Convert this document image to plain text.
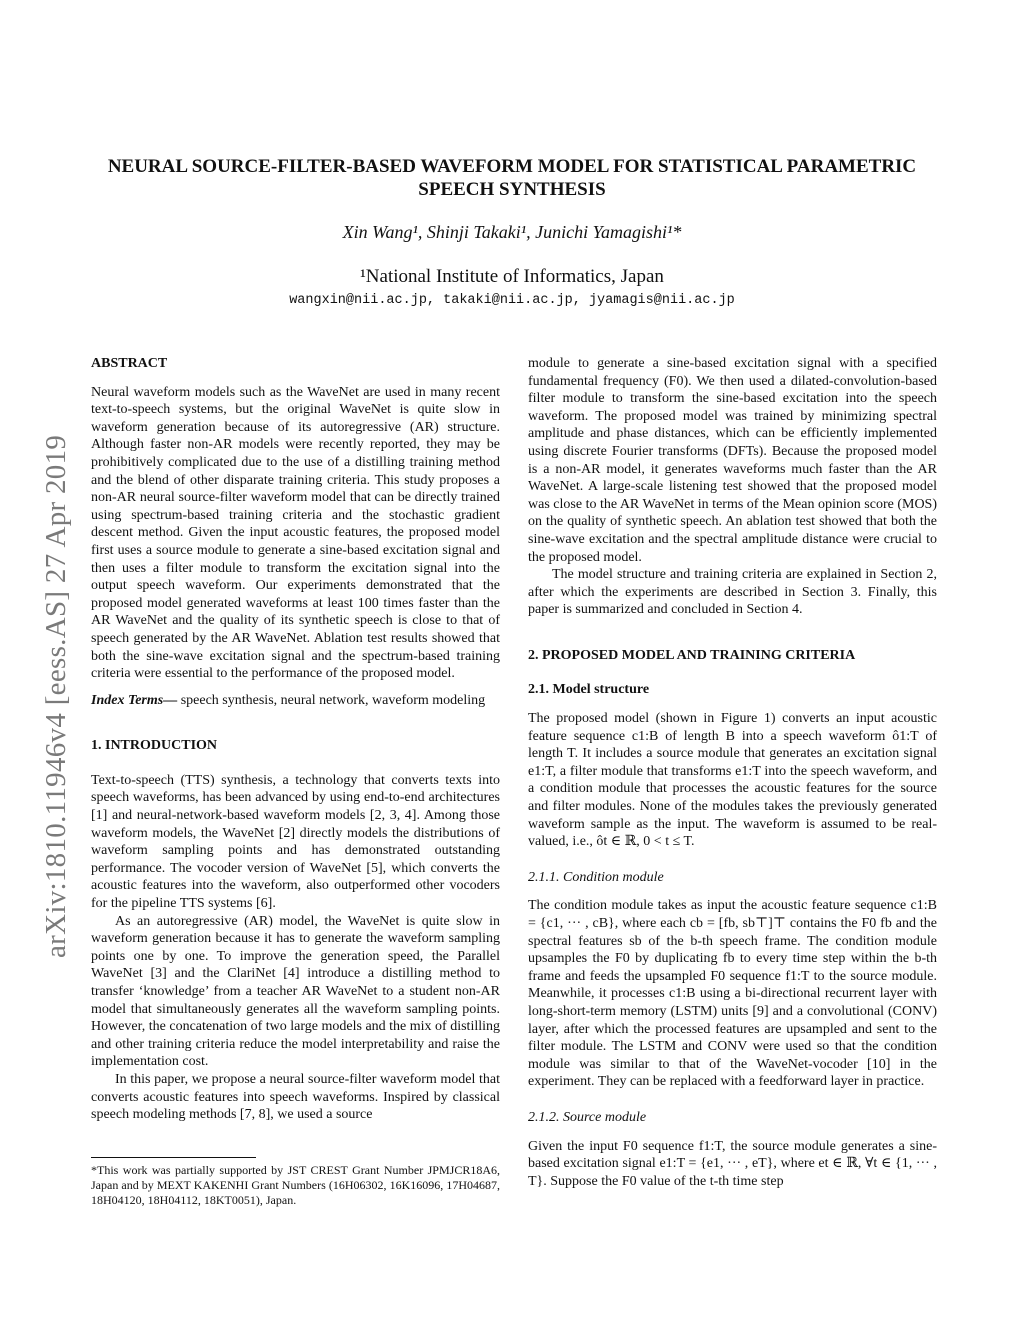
arXiv:1810.11946v4 [eess.AS] 27 Apr 2019
NEURAL SOURCE-FILTER-BASED WAVEFORM MODEL FOR STATISTICAL PARAMETRIC SPEECH SYNTHESIS
Xin Wang¹, Shinji Takaki¹, Junichi Yamagishi¹*
¹National Institute of Informatics, Japan
wangxin@nii.ac.jp, takaki@nii.ac.jp, jyamagis@nii.ac.jp

ABSTRACT

Neural waveform models such as the WaveNet are used in many recent text-to-speech systems, but the original WaveNet is quite slow in waveform generation because of its autoregressive (AR) structure. Although faster non-AR models were recently reported, they may be prohibitively complicated due to the use of a distilling training method and the blend of other disparate training criteria. This study proposes a non-AR neural source-filter waveform model that can be directly trained using spectrum-based training criteria and the stochastic gradient descent method. Given the input acoustic features, the proposed model first uses a source module to generate a sine-based excitation signal and then uses a filter module to transform the excitation signal into the output speech waveform. Our experiments demonstrated that the proposed model generated waveforms at least 100 times faster than the AR WaveNet and the quality of its synthetic speech is close to that of speech generated by the AR WaveNet. Ablation test results showed that both the sine-wave excitation signal and the spectrum-based training criteria were essential to the performance of the proposed model.

Index Terms— speech synthesis, neural network, waveform modeling

1. INTRODUCTION

Text-to-speech (TTS) synthesis, a technology that converts texts into speech waveforms, has been advanced by using end-to-end architectures [1] and neural-network-based waveform models [2, 3, 4]. Among those waveform models, the WaveNet [2] directly models the distributions of waveform sampling points and has demonstrated outstanding performance. The vocoder version of WaveNet [5], which converts the acoustic features into the waveform, also outperformed other vocoders for the pipeline TTS systems [6].

As an autoregressive (AR) model, the WaveNet is quite slow in waveform generation because it has to generate the waveform sampling points one by one. To improve the generation speed, the Parallel WaveNet [3] and the ClariNet [4] introduce a distilling method to transfer ‘knowledge’ from a teacher AR WaveNet to a student non-AR model that simultaneously generates all the waveform sampling points. However, the concatenation of two large models and the mix of distilling and other training criteria reduce the model interpretability and raise the implementation cost.

In this paper, we propose a neural source-filter waveform model that converts acoustic features into speech waveforms. Inspired by classical speech modeling methods [7, 8], we used a source

*This work was partially supported by JST CREST Grant Number JPMJCR18A6, Japan and by MEXT KAKENHI Grant Numbers (16H06302, 16K16096, 17H04687, 18H04120, 18H04112, 18KT0051), Japan.

module to generate a sine-based excitation signal with a specified fundamental frequency (F0). We then used a dilated-convolution-based filter module to transform the sine-based excitation into the speech waveform. The proposed model was trained by minimizing spectral amplitude and phase distances, which can be efficiently implemented using discrete Fourier transforms (DFTs). Because the proposed model is a non-AR model, it generates waveforms much faster than the AR WaveNet. A large-scale listening test showed that the proposed model was close to the AR WaveNet in terms of the Mean opinion score (MOS) on the quality of synthetic speech. An ablation test showed that both the sine-wave excitation and the spectral amplitude distance were crucial to the proposed model.

The model structure and training criteria are explained in Section 2, after which the experiments are described in Section 3. Finally, this paper is summarized and concluded in Section 4.

2. PROPOSED MODEL AND TRAINING CRITERIA

2.1. Model structure

The proposed model (shown in Figure 1) converts an input acoustic feature sequence c1:B of length B into a speech waveform ô1:T of length T. It includes a source module that generates an excitation signal e1:T, a filter module that transforms e1:T into the speech waveform, and a condition module that processes the acoustic features for the source and filter modules. None of the modules takes the previously generated waveform sample as the input. The waveform is assumed to be real-valued, i.e., ôt ∈ ℝ, 0 < t ≤ T.

2.1.1. Condition module

The condition module takes as input the acoustic feature sequence c1:B = {c1, ··· , cB}, where each cb = [fb, sb⊤]⊤ contains the F0 fb and the spectral features sb of the b-th speech frame. The condition module upsamples the F0 by duplicating fb to every time step within the b-th frame and feeds the upsampled F0 sequence f1:T to the source module. Meanwhile, it processes c1:B using a bi-directional recurrent layer with long-short-term memory (LSTM) units [9] and a convolutional (CONV) layer, after which the processed features are upsampled and sent to the filter module. The LSTM and CONV were used so that the condition module was similar to that of the WaveNet-vocoder [10] in the experiment. They can be replaced with a feedforward layer in practice.

2.1.2. Source module

Given the input F0 sequence f1:T, the source module generates a sine-based excitation signal e1:T = {e1, ··· , eT}, where et ∈ ℝ, ∀t ∈ {1, ··· , T}. Suppose the F0 value of the t-th time step
